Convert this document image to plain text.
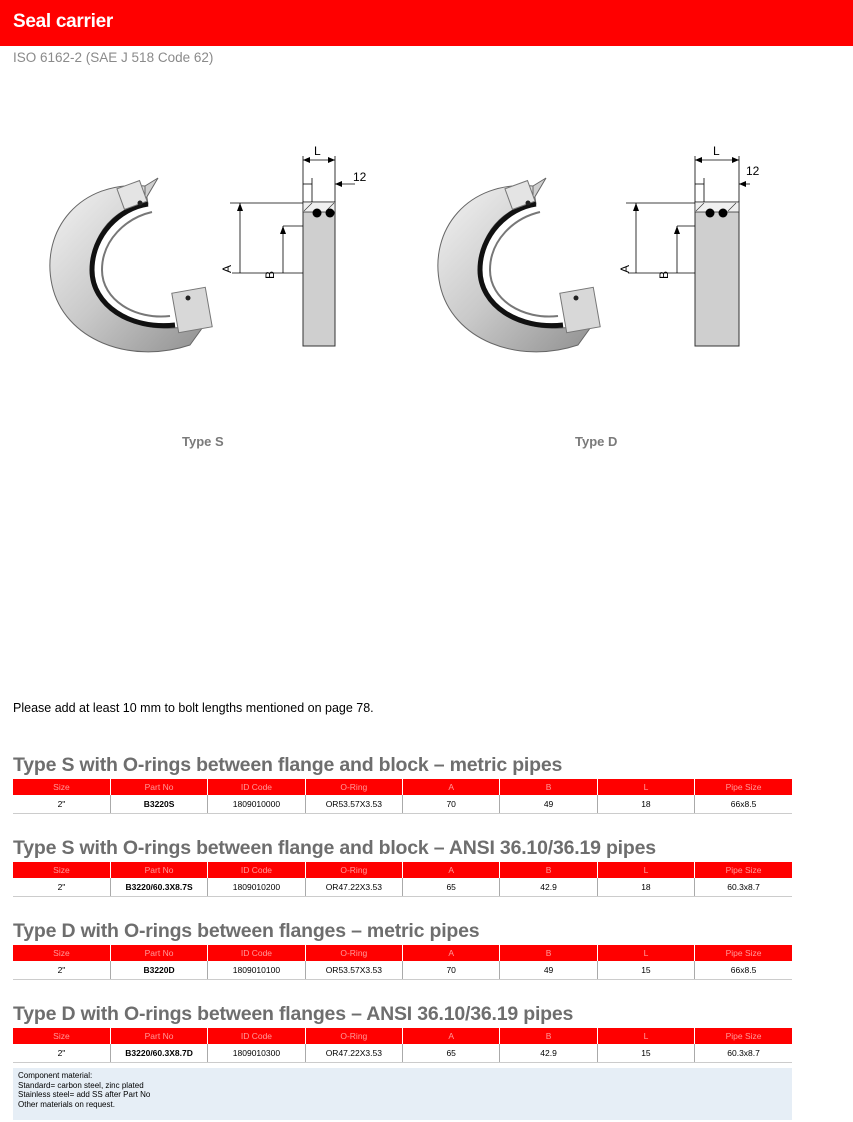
Seal carrier
ISO 6162-2 (SAE J 518 Code 62)
L
12
A
B
Type S
L
12
A
B
Type D
Please add at least 10 mm to bolt lengths mentioned on page 78.
Type S with O-rings between flange and block – metric pipes
Size	Part No	ID Code	O-Ring	A	B	L	Pipe Size
2"	B3220S	1809010000	OR53.57X3.53	70	49	18	66x8.5
Type S with O-rings between flange and block – ANSI 36.10/36.19 pipes
Size	Part No	ID Code	O-Ring	A	B	L	Pipe Size
2"	B3220/60.3X8.7S	1809010200	OR47.22X3.53	65	42.9	18	60.3x8.7
Type D with O-rings between flanges – metric pipes
Size	Part No	ID Code	O-Ring	A	B	L	Pipe Size
2"	B3220D	1809010100	OR53.57X3.53	70	49	15	66x8.5
Type D with O-rings between flanges – ANSI 36.10/36.19 pipes
Size	Part No	ID Code	O-Ring	A	B	L	Pipe Size
2"	B3220/60.3X8.7D	1809010300	OR47.22X3.53	65	42.9	15	60.3x8.7
Component material:
Standard= carbon steel, zinc plated
Stainless steel= add SS after Part No
Other materials on request.
